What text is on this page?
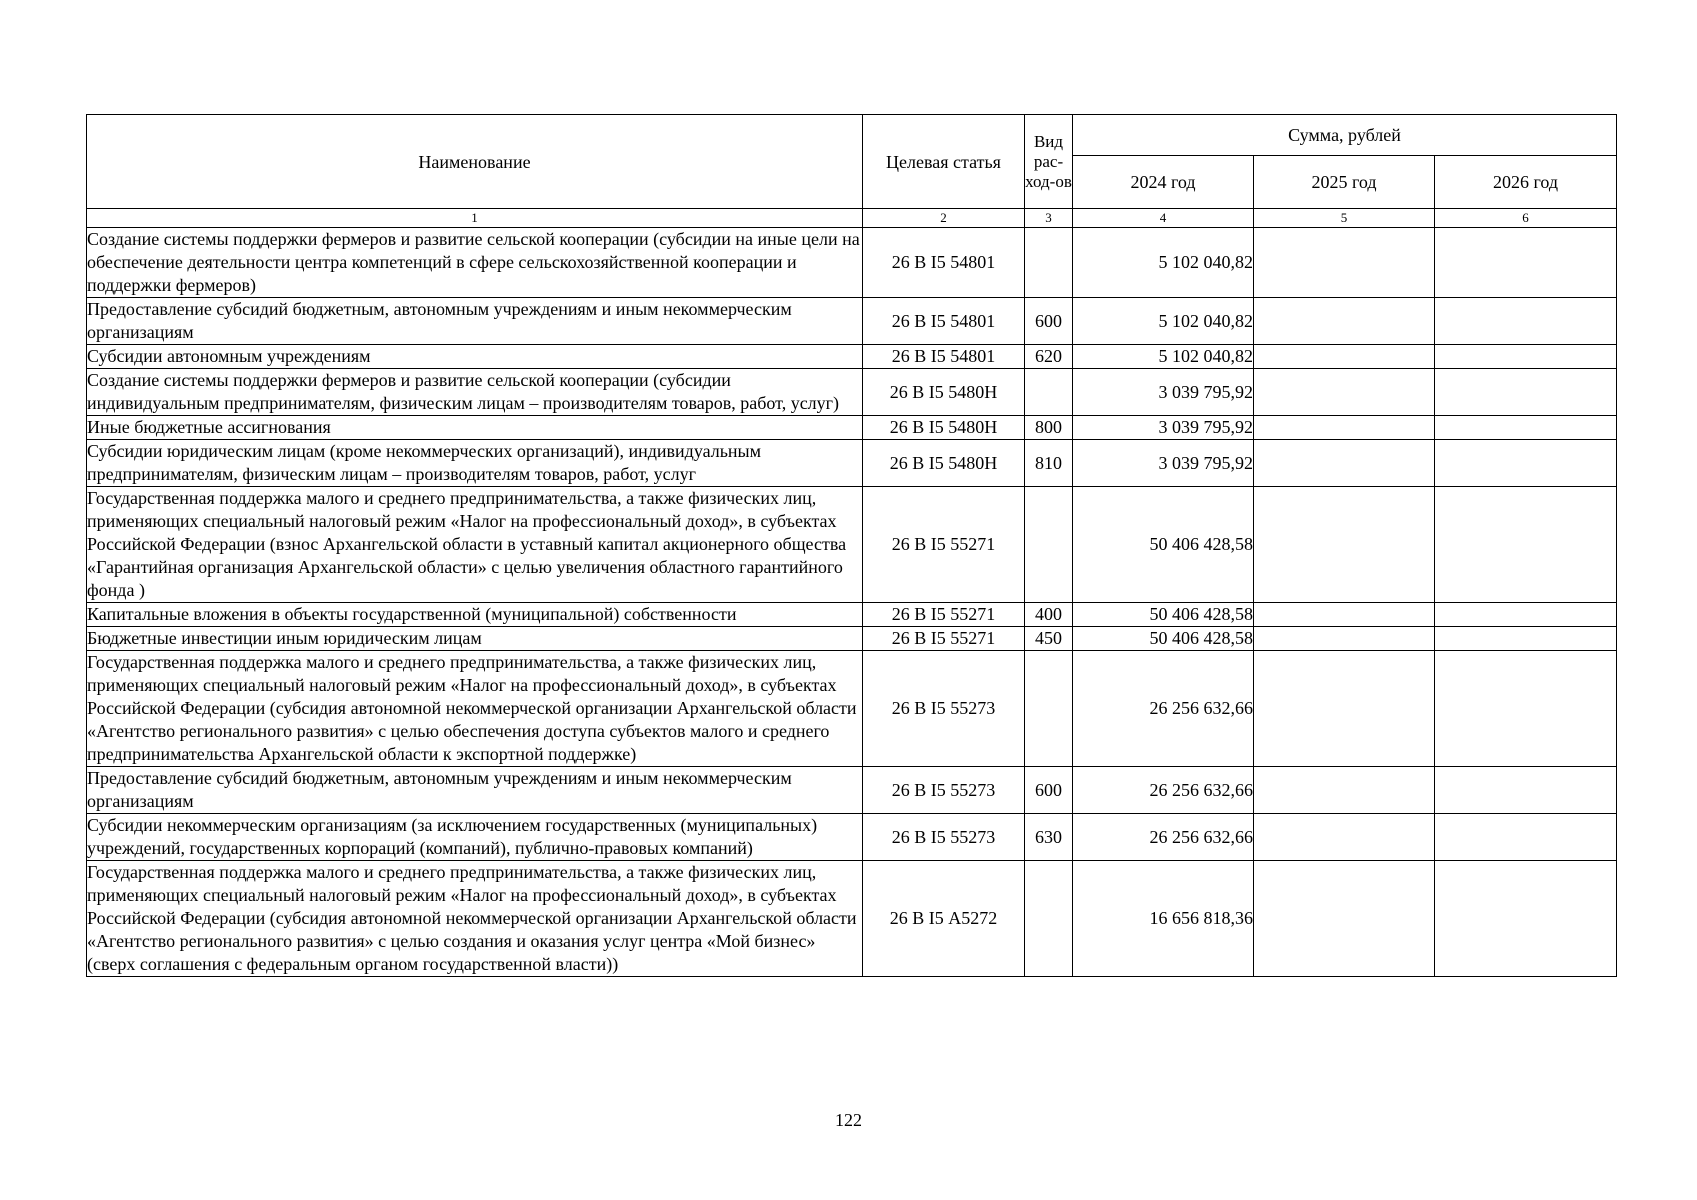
Наименование	Целевая статья	Вид рас-ход-ов	Сумма, рублей		
			2024 год	2025 год	2026 год
1	2	3	4	5	6
Создание системы поддержки фермеров и развитие сельской кооперации (субсидии на иные цели на обеспечение деятельности центра компетенций в сфере сельскохозяйственной кооперации и поддержки фермеров)	26 В I5 54801		5 102 040,82		
Предоставление субсидий бюджетным, автономным учреждениям и иным некоммерческим организациям	26 В I5 54801	600	5 102 040,82		
Субсидии автономным учреждениям	26 В I5 54801	620	5 102 040,82		
Создание системы поддержки фермеров и развитие сельской кооперации (субсидии индивидуальным предпринимателям, физическим лицам – производителям товаров, работ, услуг)	26 В I5 5480Н		3 039 795,92		
Иные бюджетные ассигнования	26 В I5 5480Н	800	3 039 795,92		
Субсидии юридическим лицам (кроме некоммерческих организаций), индивидуальным предпринимателям, физическим лицам – производителям товаров, работ, услуг	26 В I5 5480Н	810	3 039 795,92		
Государственная поддержка малого и среднего предпринимательства, а также физических лиц, применяющих специальный налоговый режим «Налог на профессиональный доход», в субъектах Российской Федерации (взнос Архангельской области в уставный капитал акционерного общества «Гарантийная организация Архангельской области» с целью увеличения областного гарантийного фонда )	26 В I5 55271		50 406 428,58		
Капитальные вложения в объекты государственной (муниципальной) собственности	26 В I5 55271	400	50 406 428,58		
Бюджетные инвестиции иным юридическим лицам	26 В I5 55271	450	50 406 428,58		
Государственная поддержка малого и среднего предпринимательства, а также физических лиц, применяющих специальный налоговый режим «Налог на профессиональный доход», в субъектах Российской Федерации (субсидия автономной некоммерческой организации Архангельской области «Агентство регионального развития» с целью обеспечения доступа субъектов малого и среднего предпринимательства Архангельской области к экспортной поддержке)	26 В I5 55273		26 256 632,66		
Предоставление субсидий бюджетным, автономным учреждениям и иным некоммерческим организациям	26 В I5 55273	600	26 256 632,66		
Субсидии некоммерческим организациям (за исключением государственных (муниципальных) учреждений, государственных корпораций (компаний), публично-правовых компаний)	26 В I5 55273	630	26 256 632,66		
Государственная поддержка малого и среднего предпринимательства, а также физических лиц, применяющих специальный налоговый режим «Налог на профессиональный доход», в субъектах Российской Федерации (субсидия автономной некоммерческой организации Архангельской области «Агентство регионального развития» с целью создания и оказания услуг центра «Мой бизнес» (сверх соглашения с федеральным органом государственной власти))	26 В I5 А5272		16 656 818,36		
122
